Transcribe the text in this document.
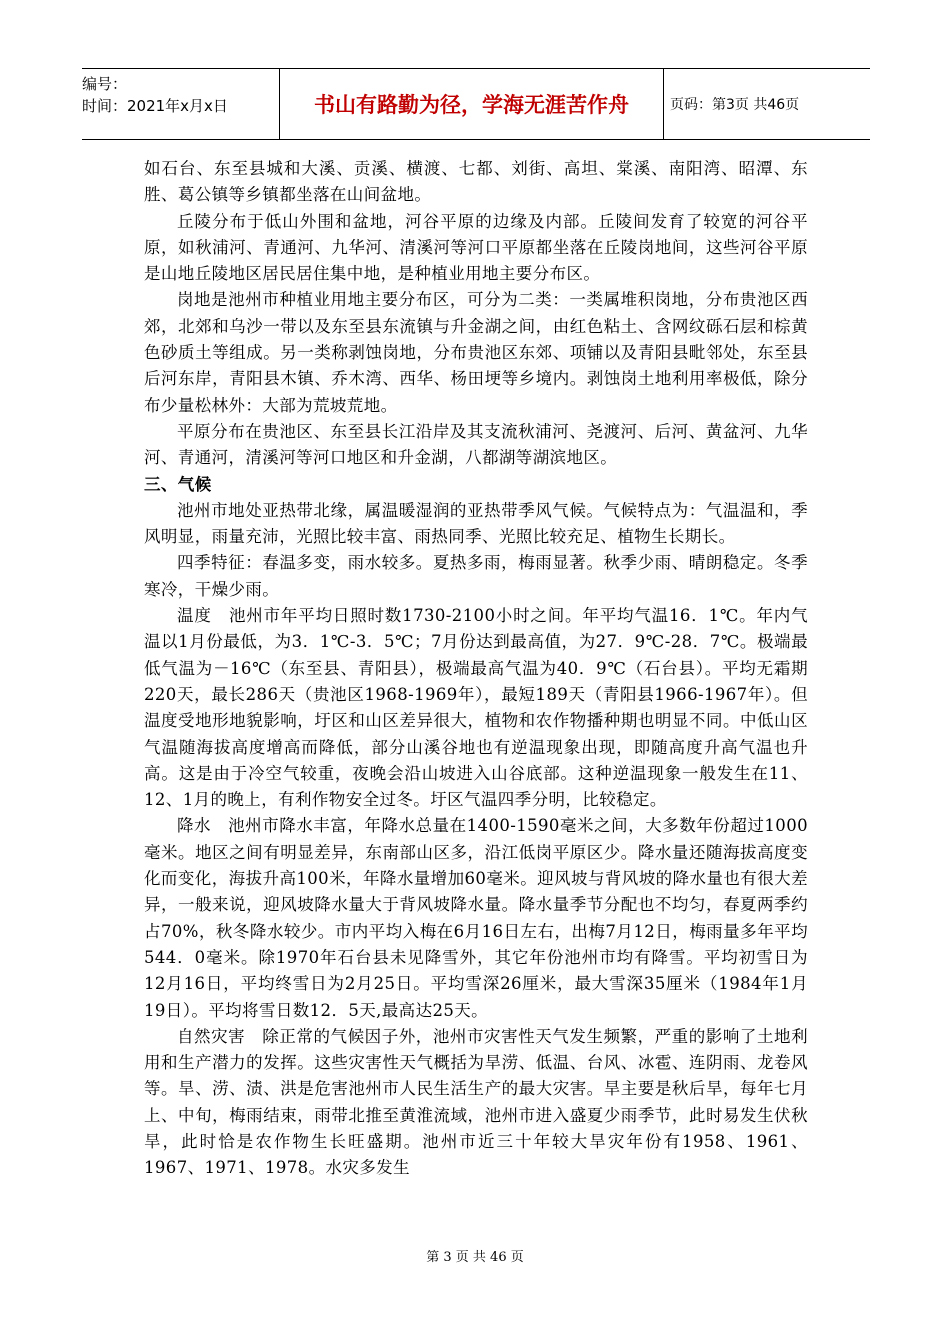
编号：
时间：2021年x月x日	书山有路勤为径，学海无涯苦作舟	页码：第3页 共46页

如石台、东至县城和大溪、贡溪、横渡、七都、刘街、高坦、棠溪、南阳湾、昭潭、东胜、葛公镇等乡镇都坐落在山间盆地。

丘陵分布于低山外围和盆地，河谷平原的边缘及内部。丘陵间发育了较宽的河谷平原，如秋浦河、青通河、九华河、清溪河等河口平原都坐落在丘陵岗地间，这些河谷平原是山地丘陵地区居民居住集中地，是种植业用地主要分布区。

岗地是池州市种植业用地主要分布区，可分为二类：一类属堆积岗地，分布贵池区西郊，北郊和乌沙一带以及东至县东流镇与升金湖之间，由红色粘土、含网纹砾石层和棕黄色砂质土等组成。另一类称剥蚀岗地，分布贵池区东郊、项铺以及青阳县毗邻处，东至县后河东岸，青阳县木镇、乔木湾、西华、杨田埂等乡境内。剥蚀岗土地利用率极低，除分布少量松林外：大部为荒坡荒地。

平原分布在贵池区、东至县长江沿岸及其支流秋浦河、尧渡河、后河、黄盆河、九华河、青通河，清溪河等河口地区和升金湖，八都湖等湖滨地区。

三、气候

池州市地处亚热带北缘，属温暖湿润的亚热带季风气候。气候特点为：气温温和，季风明显，雨量充沛，光照比较丰富、雨热同季、光照比较充足、植物生长期长。

四季特征：春温多变，雨水较多。夏热多雨，梅雨显著。秋季少雨、晴朗稳定。冬季寒冷，干燥少雨。

温度　池州市年平均日照时数1730-2100小时之间。年平均气温16．1℃。年内气温以1月份最低，为3．1℃-3．5℃；7月份达到最高值，为27．9℃-28．7℃。极端最低气温为－16℃（东至县、青阳县），极端最高气温为40．9℃（石台县）。平均无霜期220天，最长286天（贵池区1968-1969年），最短189天（青阳县1966-1967年）。但温度受地形地貌影响，圩区和山区差异很大，植物和农作物播种期也明显不同。中低山区气温随海拔高度增高而降低，部分山溪谷地也有逆温现象出现，即随高度升高气温也升高。这是由于冷空气较重，夜晚会沿山坡进入山谷底部。这种逆温现象一般发生在11、12、1月的晚上，有利作物安全过冬。圩区气温四季分明，比较稳定。

降水　池州市降水丰富，年降水总量在1400-1590毫米之间，大多数年份超过1000毫米。地区之间有明显差异，东南部山区多，沿江低岗平原区少。降水量还随海拔高度变化而变化，海拔升高100米，年降水量增加60毫米。迎风坡与背风坡的降水量也有很大差异，一般来说，迎风坡降水量大于背风坡降水量。降水量季节分配也不均匀，春夏两季约占70%，秋冬降水较少。市内平均入梅在6月16日左右，出梅7月12日，梅雨量多年平均544．0毫米。除1970年石台县未见降雪外，其它年份池州市均有降雪。平均初雪日为12月16日，平均终雪日为2月25日。平均雪深26厘米，最大雪深35厘米（1984年1月19日）。平均将雪日数12．5天,最高达25天。

自然灾害　除正常的气候因子外，池州市灾害性天气发生频繁，严重的影响了土地利用和生产潜力的发挥。这些灾害性天气概括为旱涝、低温、台风、冰雹、连阴雨、龙卷风等。旱、涝、渍、洪是危害池州市人民生活生产的最大灾害。旱主要是秋后旱，每年七月上、中旬，梅雨结束，雨带北推至黄淮流域，池州市进入盛夏少雨季节，此时易发生伏秋旱，此时恰是农作物生长旺盛期。池州市近三十年较大旱灾年份有1958、1961、1967、1971、1978。水灾多发生

第 3 页 共 46 页
